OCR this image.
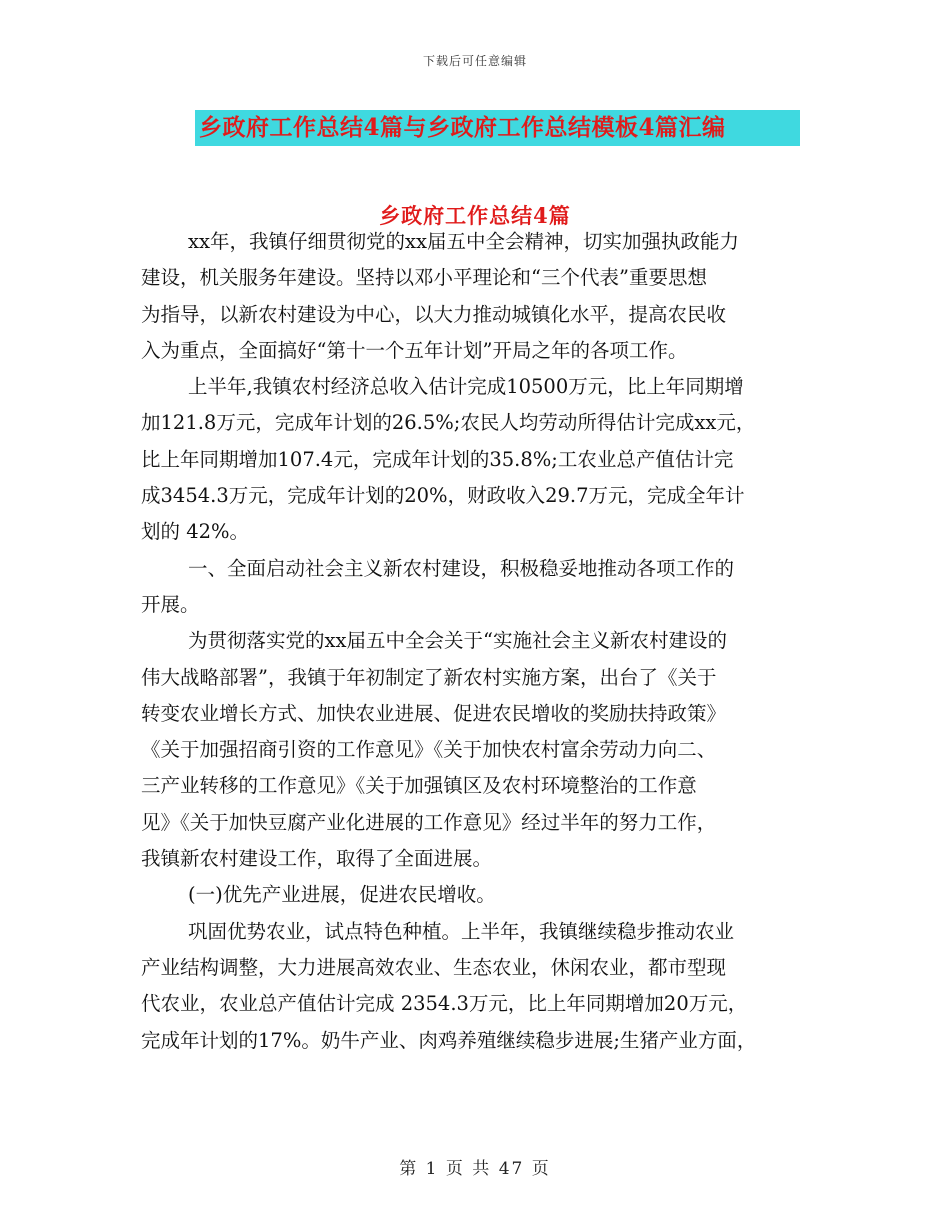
下载后可任意编辑
乡政府工作总结4篇与乡政府工作总结模板4篇汇编
乡政府工作总结4篇
xx年，我镇仔细贯彻党的xx届五中全会精神，切实加强执政能力
建设，机关服务年建设。坚持以邓小平理论和“三个代表”重要思想
为指导，以新农村建设为中心，以大力推动城镇化水平，提高农民收
入为重点，全面搞好“第十一个五年计划”开局之年的各项工作。
上半年,我镇农村经济总收入估计完成10500万元，比上年同期增
加121.8万元，完成年计划的26.5%;农民人均劳动所得估计完成xx元，
比上年同期增加107.4元，完成年计划的35.8%;工农业总产值估计完
成3454.3万元，完成年计划的20%，财政收入29.7万元，完成全年计
划的 42%。
一、全面启动社会主义新农村建设，积极稳妥地推动各项工作的
开展。
为贯彻落实党的xx届五中全会关于“实施社会主义新农村建设的
伟大战略部署”，我镇于年初制定了新农村实施方案，出台了《关于
转变农业增长方式、加快农业进展、促进农民增收的奖励扶持政策》
《关于加强招商引资的工作意见》《关于加快农村富余劳动力向二、
三产业转移的工作意见》《关于加强镇区及农村环境整治的工作意
见》《关于加快豆腐产业化进展的工作意见》经过半年的努力工作，
我镇新农村建设工作，取得了全面进展。
(一)优先产业进展，促进农民增收。
巩固优势农业，试点特色种植。上半年，我镇继续稳步推动农业
产业结构调整，大力进展高效农业、生态农业，休闲农业，都市型现
代农业，农业总产值估计完成 2354.3万元，比上年同期增加20万元，
完成年计划的17%。奶牛产业、肉鸡养殖继续稳步进展;生猪产业方面，
第 1 页 共 47 页
